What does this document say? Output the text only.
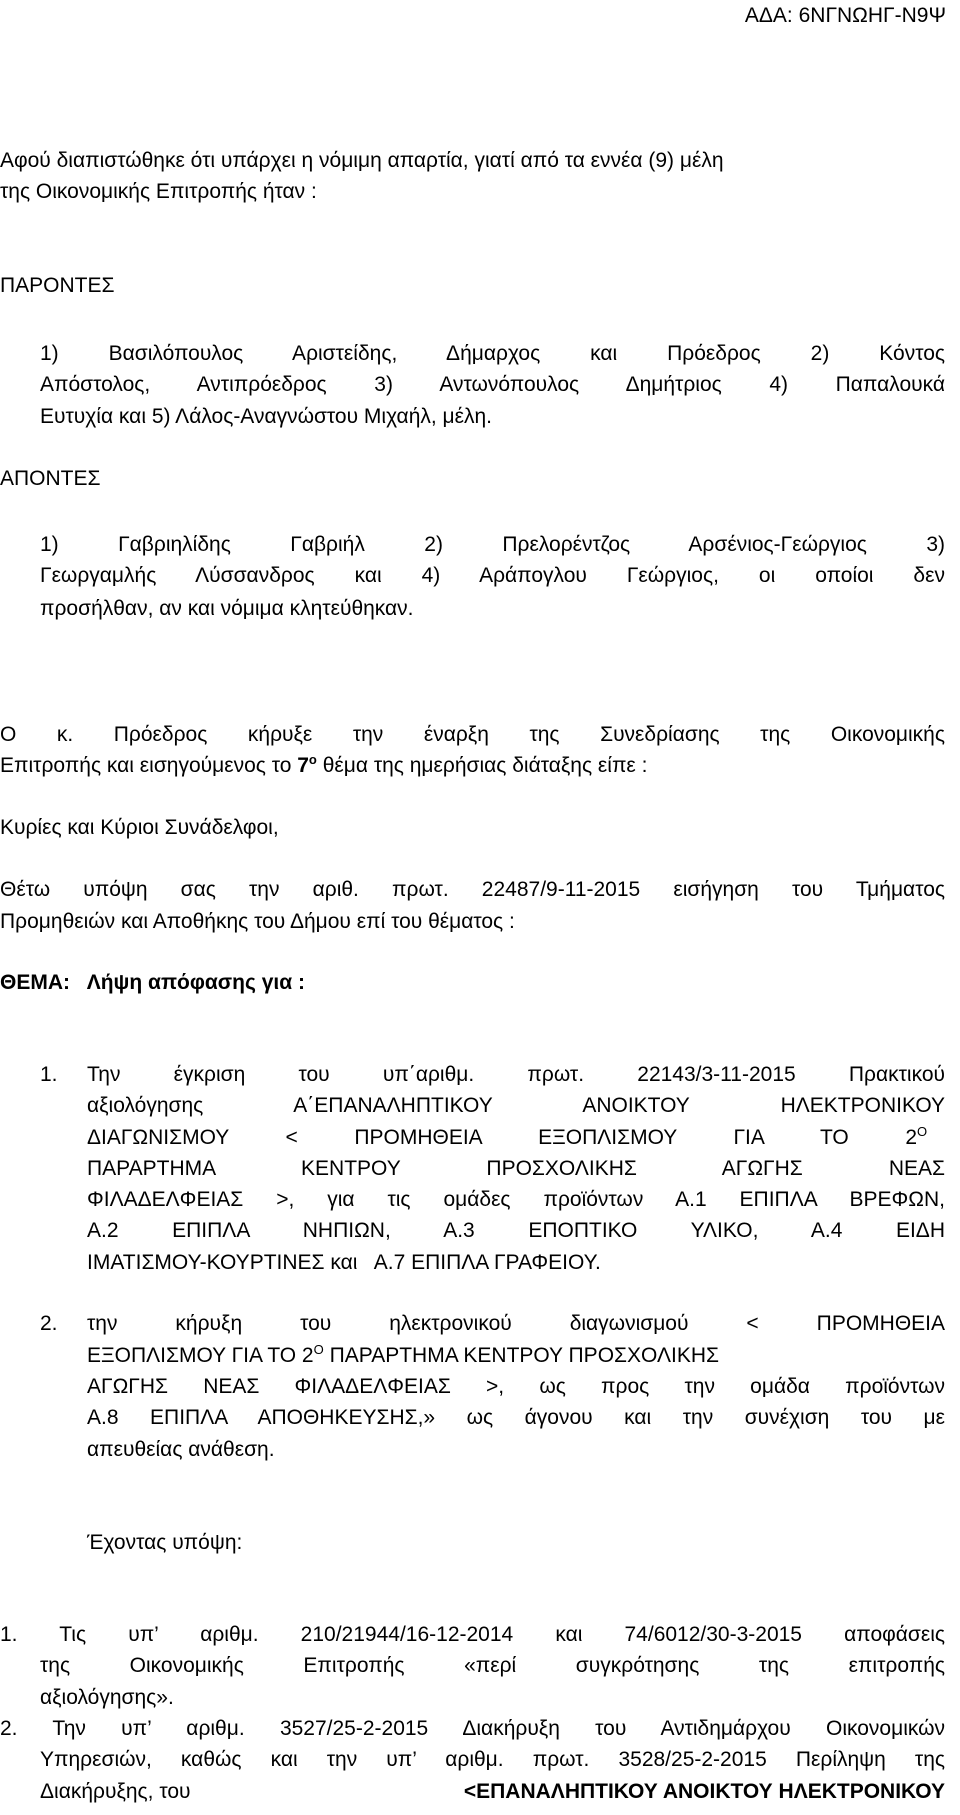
ΑΔΑ: 6ΝΓΝΩΗΓ-Ν9Ψ
Αφού διαπιστώθηκε ότι υπάρχει η νόμιμη απαρτία, γιατί από τα εννέα (9) μέλη
της Οικονομικής Επιτροπής ήταν :
ΠΑΡΟΝΤΕΣ
1) Βασιλόπουλος Αριστείδης, Δήμαρχος και Πρόεδρος 2) Κόντος
Απόστολος, Αντιπρόεδρος 3) Αντωνόπουλος Δημήτριος 4) Παπαλουκά
Ευτυχία και 5) Λάλος-Αναγνώστου Μιχαήλ, μέλη.
ΑΠΟΝΤΕΣ
1) Γαβριηλίδης Γαβριήλ 2) Πρελορέντζος Αρσένιος-Γεώργιος 3)
Γεωργαμλής Λύσσανδρος και 4) Αράπογλου Γεώργιος, οι οποίοι δεν
προσήλθαν, αν και νόμιμα κλητεύθηκαν.
Ο κ. Πρόεδρος κήρυξε την έναρξη της Συνεδρίασης της Οικονομικής
Επιτροπής και εισηγούμενος το $7^o$ θέμα της ημερήσιας διάταξης είπε :
Κυρίες και Κύριοι Συνάδελφοι,
Θέτω υπόψη σας την αριθ. πρωτ. 22487/9-11-2015 εισήγηση του Τμήματος
Προμηθειών και Αποθήκης του Δήμου επί του θέματος :
ΘΕΜΑ:   Λήψη απόφασης για :
1. Την έγκριση του υπ΄αριθμ. πρωτ. 22143/3-11-2015 Πρακτικού
αξιολόγησης Α΄ΕΠΑΝΑΛΗΠΤΙΚΟΥ ΑΝΟΙΚΤΟΥ ΗΛΕΚΤΡΟΝΙΚΟΥ
ΔΙΑΓΩΝΙΣΜΟΥ < ΠΡΟΜΗΘΕΙΑ ΕΞΟΠΛΙΣΜΟΥ ΓΙΑ ΤΟ $2^O$
ΠΑΡΑΡΤΗΜΑ ΚΕΝΤΡΟΥ ΠΡΟΣΧΟΛΙΚΗΣ ΑΓΩΓΗΣ ΝΕΑΣ
ΦΙΛΑΔΕΛΦΕΙΑΣ >, για τις ομάδες προϊόντων Α.1 ΕΠΙΠΛΑ ΒΡΕΦΩΝ,
Α.2 ΕΠΙΠΛΑ ΝΗΠΙΩΝ, Α.3 ΕΠΟΠΤΙΚΟ ΥΛΙΚΟ, Α.4 ΕΙΔΗ
ΙΜΑΤΙΣΜΟΥ-ΚΟΥΡΤΙΝΕΣ και   Α.7 ΕΠΙΠΛΑ ΓΡΑΦΕΙΟΥ.
2. την κήρυξη του ηλεκτρονικού διαγωνισμού < ΠΡΟΜΗΘΕΙΑ
ΕΞΟΠΛΙΣΜΟΥ ΓΙΑ ΤΟ $2^O$ ΠΑΡΑΡΤΗΜΑ ΚΕΝΤΡΟΥ ΠΡΟΣΧΟΛΙΚΗΣ
ΑΓΩΓΗΣ ΝΕΑΣ ΦΙΛΑΔΕΛΦΕΙΑΣ >, ως προς την ομάδα προϊόντων
Α.8 ΕΠΙΠΛΑ ΑΠΟΘΗΚΕΥΣΗΣ,» ως άγονου και την συνέχιση του με
απευθείας ανάθεση.
Έχοντας υπόψη:
1. Τις υπ’ αριθμ. 210/21944/16-12-2014 και 74/6012/30-3-2015 αποφάσεις
της Οικονομικής Επιτροπής «περί συγκρότησης της επιτροπής
αξιολόγησης».
2. Την υπ’ αριθμ. 3527/25-2-2015 Διακήρυξη του Αντιδημάρχου Οικονομικών
Υπηρεσιών, καθώς και την υπ’ αριθμ. πρωτ. 3528/25-2-2015 Περίληψη της
Διακήρυξης, του	<ΕΠΑΝΑΛΗΠΤΙΚΟΥ ΑΝΟΙΚΤΟΥ ΗΛΕΚΤΡΟΝΙΚΟΥ
